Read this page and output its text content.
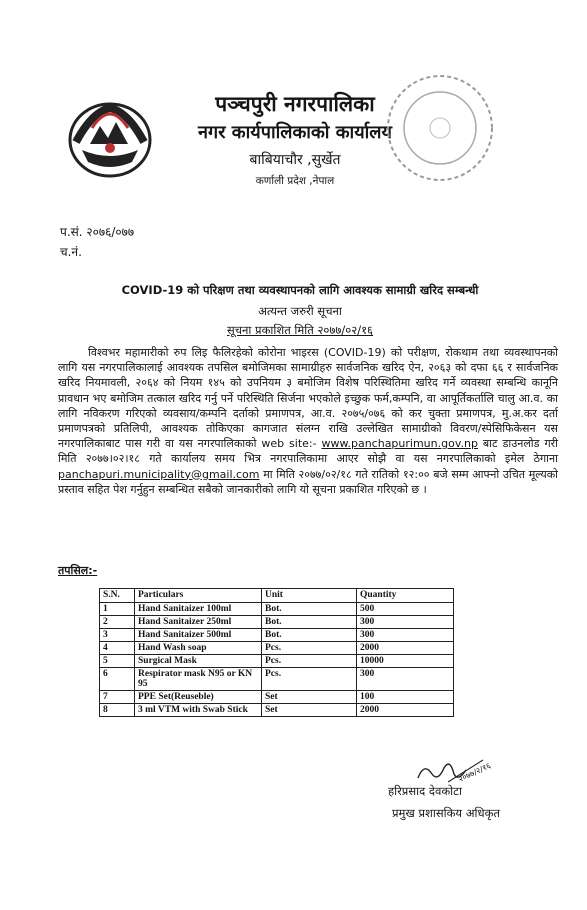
पञ्चपुरी नगरपालिका
नगर कार्यपालिकाको कार्यालय
बाबियाचौर ,सुर्खेत
कर्णाली प्रदेश ,नेपाल
प.सं. २०७६/०७७
च.नं.
COVID-19 को परिक्षण तथा व्यवस्थापनको लागि आवश्यक सामाग्री खरिद सम्बन्धी
अत्यन्त जरुरी सूचना
सूचना प्रकाशित मिति २०७७/०२/१६

विश्वभर महामारीको रुप लिइ फैलिरहेको कोरोना भाइरस (COVID-19) को परीक्षण, रोकथाम तथा व्यवस्थापनको लागि यस नगरपालिकालाई आवश्यक तपसिल बमोजिमका सामाग्रीहरु सार्वजनिक खरिद ऐन, २०६३ को दफा ६६ र सार्वजनिक खरिद नियमावली, २०६४ को नियम १४५ को उपनियम ३ बमोजिम विशेष परिस्थितिमा खरिद गर्ने व्यवस्था सम्बन्धि कानूनि प्रावधान भए बमोजिम तत्काल खरिद गर्नु पर्ने परिस्थिति सिर्जना भएकोले इच्छुक फर्म,कम्पनि, वा आपूर्तिकर्तालि चालु आ.व. का लागि नविकरण गरिएको व्यवसाय/कम्पनि दर्ताको प्रमाणपत्र, आ.व. २०७५/०७६ को कर चुक्ता प्रमाणपत्र, मु.अ.कर दर्ता प्रमाणपत्रको प्रतिलिपी, आवश्यक तोकिएका कागजात संलग्न राखि उल्लेखित सामाग्रीको विवरण/स्पेसिफिकेसन यस नगरपालिकाबाट पास गरी वा यस नगरपालिकाको web site:- www.panchapurimun.gov.np बाट डाउनलोड गरी मिति २०७७।०२।१८ गते कार्यालय समय भित्र नगरपालिकामा आएर सोझै वा यस नगरपालिकाको इमेल ठेगाना panchapuri.municipality@gmail.com मा मिति २०७७/०२/१८ गते रातिको १२:०० बजे सम्म आफ्नो उचित मूल्यको प्रस्ताव सहित पेश गर्नुहुन सम्बन्धित सबैको जानकारीको लागि यो सूचना प्रकाशित गरिएको छ ।

तपसिल:-
S.N.	Particulars	Unit	Quantity
1	Hand Sanitaizer 100ml	Bot.	500
2	Hand Sanitaizer 250ml	Bot.	300
3	Hand Sanitaizer 500ml	Bot.	300
4	Hand Wash soap	Pcs.	2000
5	Surgical Mask	Pcs.	10000
6	Respirator mask N95 or KN 95	Pcs.	300
7	PPE Set(Reuseble)	Set	100
8	3 ml VTM with Swab Stick	Set	2000
२०७७/२/१६
हरिप्रसाद देवकोटा
प्रमुख प्रशासकिय अधिकृत
